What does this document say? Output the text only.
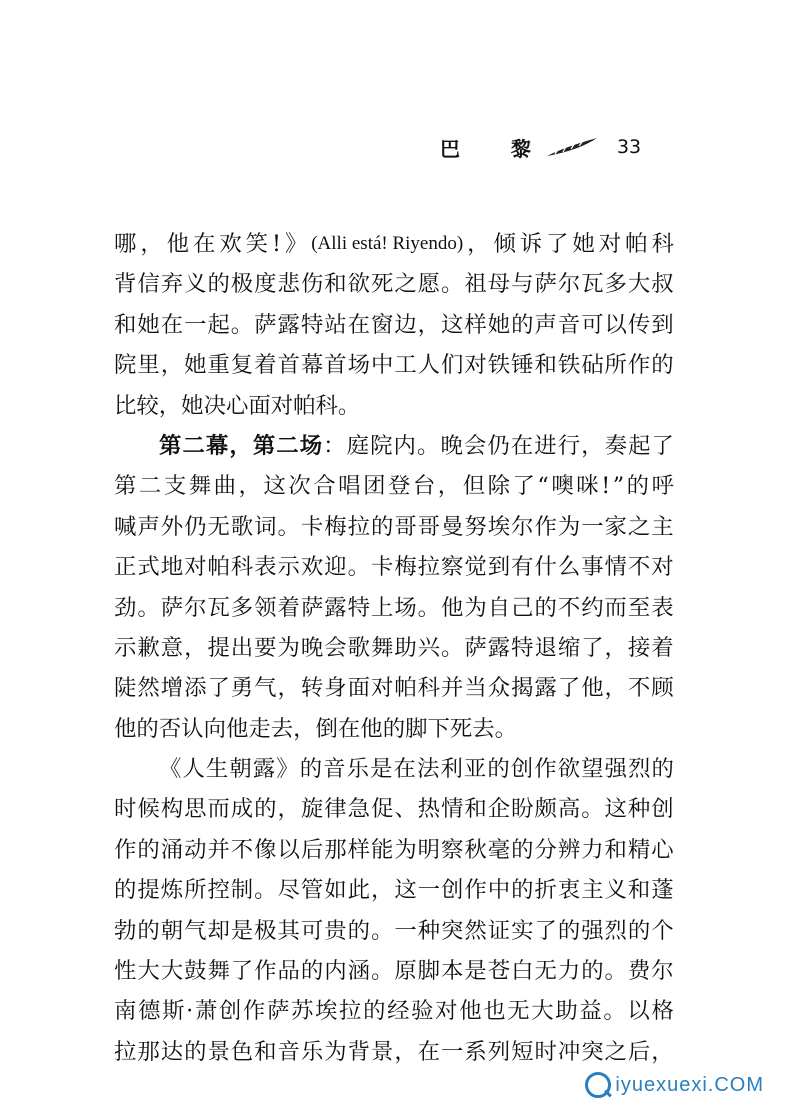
巴 黎	33
哪 ， 他 在 欢 笑 ! 》 (Alli está! Riyendo) ， 倾 诉 了 她 对 帕 科
背 信 弃 义 的 极 度 悲 伤 和 欲 死 之 愿 。 祖 母 与 萨 尔 瓦 多 大 叔
和 她 在 一 起 。 萨 露 特 站 在 窗 边 ， 这 样 她 的 声 音 可 以 传 到
院 里 ， 她 重 复 着 首 幕 首 场 中 工 人 们 对 铁 锤 和 铁 砧 所 作 的
比 较 ， 她 决 心 面 对 帕 科 。
第 二 幕 ， 第 二 场 ： 庭 院 内 。 晚 会 仍 在 进 行 ， 奏 起 了
第 二 支 舞 曲 ， 这 次 合 唱 团 登 台 ， 但 除 了 “ 噢 咪 ! ” 的 呼
喊 声 外 仍 无 歌 词 。 卡 梅 拉 的 哥 哥 曼 努 埃 尔 作 为 一 家 之 主
正 式 地 对 帕 科 表 示 欢 迎 。 卡 梅 拉 察 觉 到 有 什 么 事 情 不 对
劲 。 萨 尔 瓦 多 领 着 萨 露 特 上 场 。 他 为 自 己 的 不 约 而 至 表
示 歉 意 ， 提 出 要 为 晚 会 歌 舞 助 兴 。 萨 露 特 退 缩 了 ， 接 着
陡 然 增 添 了 勇 气 ， 转 身 面 对 帕 科 并 当 众 揭 露 了 他 ， 不 顾
他 的 否 认 向 他 走 去 ， 倒 在 他 的 脚 下 死 去 。
《 人 生 朝 露 》 的 音 乐 是 在 法 利 亚 的 创 作 欲 望 强 烈 的
时 候 构 思 而 成 的 ， 旋 律 急 促 、 热 情 和 企 盼 颇 高 。 这 种 创
作 的 涌 动 并 不 像 以 后 那 样 能 为 明 察 秋 毫 的 分 辨 力 和 精 心
的 提 炼 所 控 制 。 尽 管 如 此 ， 这 一 创 作 中 的 折 衷 主 义 和 蓬
勃 的 朝 气 却 是 极 其 可 贵 的 。 一 种 突 然 证 实 了 的 强 烈 的 个
性 大 大 鼓 舞 了 作 品 的 内 涵 。 原 脚 本 是 苍 白 无 力 的 。 费 尔
南 德 斯 · 萧 创 作 萨 苏 埃 拉 的 经 验 对 他 也 无 大 助 益 。 以 格
拉 那 达 的 景 色 和 音 乐 为 背 景 ， 在 一 系 列 短 时 冲 突 之 后 ，
iyuexuexi.COM
